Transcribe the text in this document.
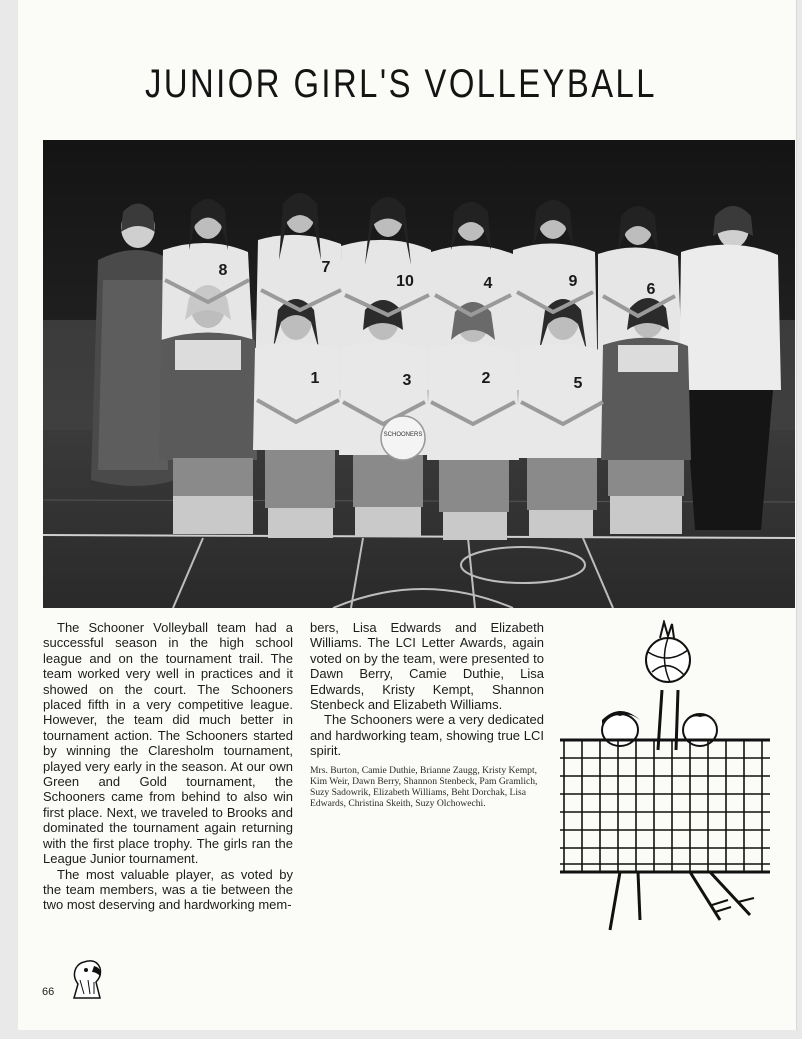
JUNIOR GIRL'S VOLLEYBALL
SCHOONERS
8	7
10	4	9	6
1	3	2	5

The Schooner Volleyball team had a successful season in the high school league and on the tournament trail. The team worked very well in practices and it showed on the court. The Schooners placed fifth in a very competitive league. However, the team did much better in tournament action. The Schooners started by winning the Claresholm tournament, played very early in the season. At our own Green and Gold tournament, the Schooners came from behind to also win first place. Next, we traveled to Brooks and dominated the tournament again returning with the first place trophy. The girls ran the League Junior tournament.

The most valuable player, as voted by the team members, was a tie between the two most deserving and hardworking mem-

bers, Lisa Edwards and Elizabeth Williams. The LCI Letter Awards, again voted on by the team, were presented to Dawn Berry, Camie Duthie, Lisa Edwards, Kristy Kempt, Shannon Stenbeck and Elizabeth Williams.

The Schooners were a very dedicated and hardworking team, showing true LCI spirit.

Mrs. Burton, Camie Duthie, Brianne Zaugg, Kristy Kempt, Kim Weir, Dawn Berry, Shannon Stenbeck, Pam Gramlich, Suzy Sadowrik, Elizabeth Williams, Beht Dorchak, Lisa Edwards, Christina Skeith, Suzy Olchowechi.
66
